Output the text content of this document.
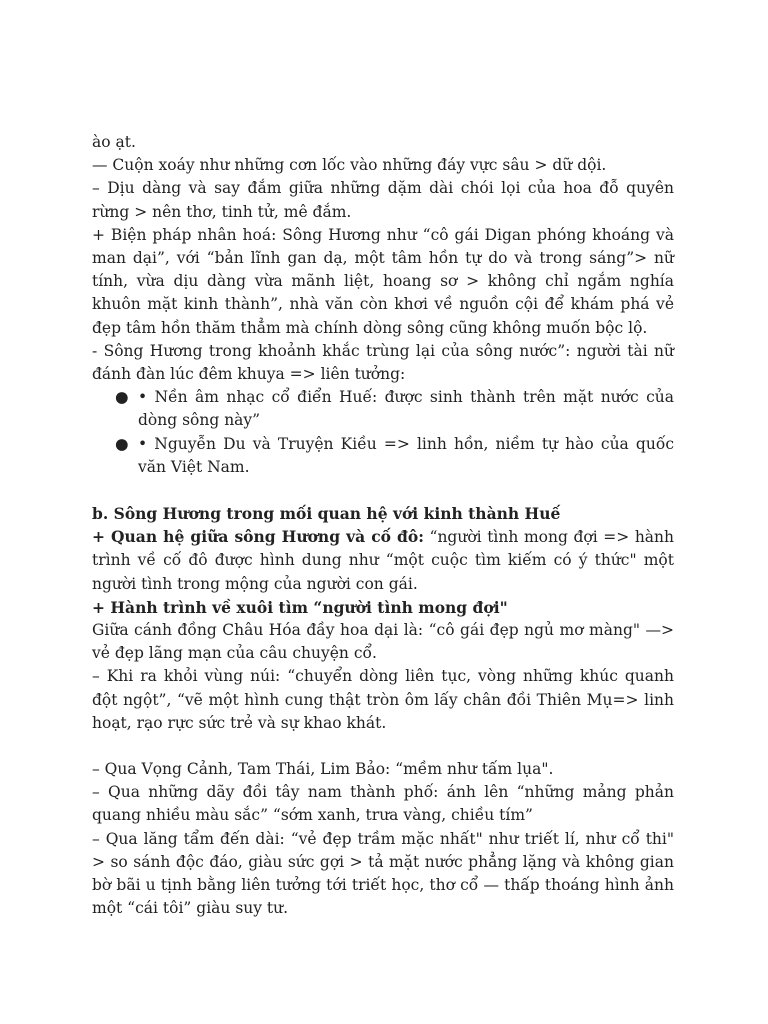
ào ạt.

— Cuộn xoáy như những cơn lốc vào những đáy vực sâu > dữ dội.

– Dịu dàng và say đắm giữa những dặm dài chói lọi của hoa đỗ quyên rừng > nên thơ, tinh tử, mê đắm.

+ Biện pháp nhân hoá: Sông Hương như “cô gái Digan phóng khoáng và man dại”, với “bản lĩnh gan dạ, một tâm hồn tự do và trong sáng”> nữ tính, vừa dịu dàng vừa mãnh liệt, hoang sơ > không chỉ ngắm nghía khuôn mặt kinh thành”, nhà văn còn khơi về nguồn cội để khám phá vẻ đẹp tâm hồn thăm thẳm mà chính dòng sông cũng không muốn bộc lộ.

- Sông Hương trong khoảnh khắc trùng lại của sông nước”: người tài nữ đánh đàn lúc đêm khuya => liên tưởng:

● • Nền âm nhạc cổ điển Huế: được sinh thành trên mặt nước của dòng sông này”
● • Nguyễn Du và Truyện Kiều => linh hồn, niềm tự hào của quốc văn Việt Nam.

b. Sông Hương trong mối quan hệ với kinh thành Huế

+ Quan hệ giữa sông Hương và cố đô: “người tình mong đợi => hành trình về cố đô được hình dung như “một cuộc tìm kiếm có ý thức" một người tình trong mộng của người con gái.

+ Hành trình về xuôi tìm “người tình mong đợi"

Giữa cánh đồng Châu Hóa đầy hoa dại là: “cô gái đẹp ngủ mơ màng" —> vẻ đẹp lãng mạn của câu chuyện cổ.

– Khi ra khỏi vùng núi: “chuyển dòng liên tục, vòng những khúc quanh đột ngột”, “vẽ một hình cung thật tròn ôm lấy chân đồi Thiên Mụ=> linh hoạt, rạo rực sức trẻ và sự khao khát.

– Qua Vọng Cảnh, Tam Thái, Lim Bảo: “mềm như tấm lụa".

– Qua những dãy đồi tây nam thành phố: ánh lên “những mảng phản quang nhiều màu sắc” “sớm xanh, trưa vàng, chiều tím”

– Qua lăng tẩm đến dài: “vẻ đẹp trầm mặc nhất" như triết lí, như cổ thi" > so sánh độc đáo, giàu sức gợi > tả mặt nước phẳng lặng và không gian bờ bãi u tịnh bằng liên tưởng tới triết học, thơ cổ — thấp thoáng hình ảnh một “cái tôi” giàu suy tư.
